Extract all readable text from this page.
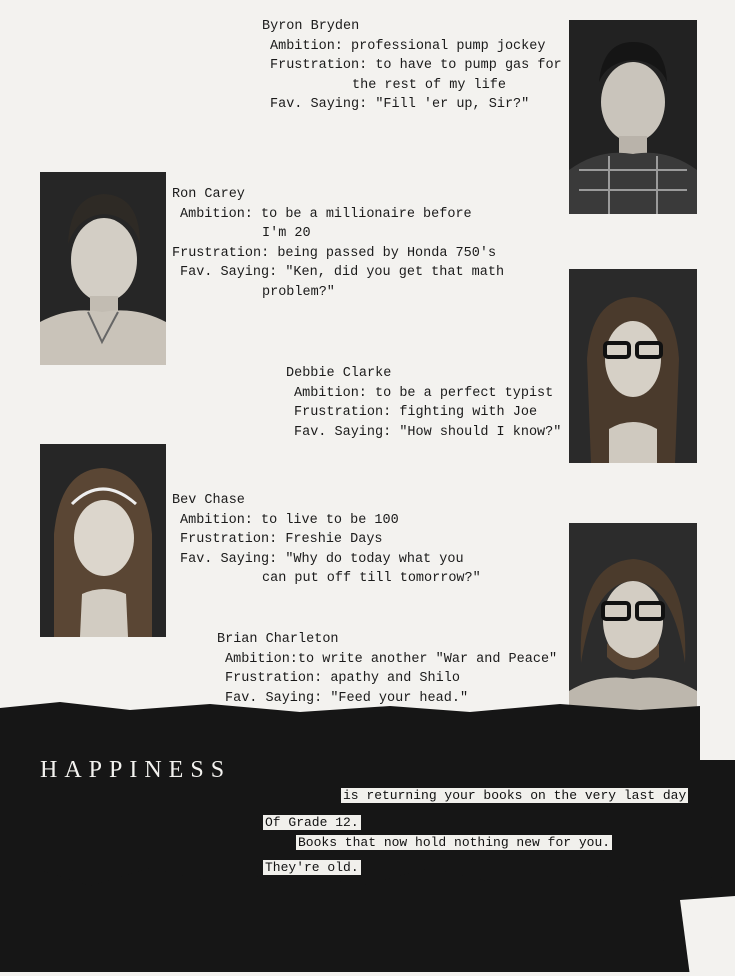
Byron Bryden
Ambition: professional pump jockey
Frustration: to have to pump gas for
the rest of my life
Fav. Saying: "Fill 'er up, Sir?"
Ron Carey
Ambition: to be a millionaire before
I'm 20
Frustration: being passed by Honda 750's
Fav. Saying: "Ken, did you get that math
problem?"
Debbie Clarke
Ambition: to be a perfect typist
Frustration: fighting with Joe
Fav. Saying: "How should I know?"
Bev Chase
Ambition: to live to be 100
Frustration: Freshie Days
Fav. Saying: "Why do today what you
can put off till tomorrow?"
Brian Charleton
Ambition:to write another "War and Peace"
Frustration: apathy and Shilo
Fav. Saying: "Feed your head."
HAPPINESS
is returning your books on the very last day
Of Grade 12.
Books that now hold nothing new for you.
They're old.
